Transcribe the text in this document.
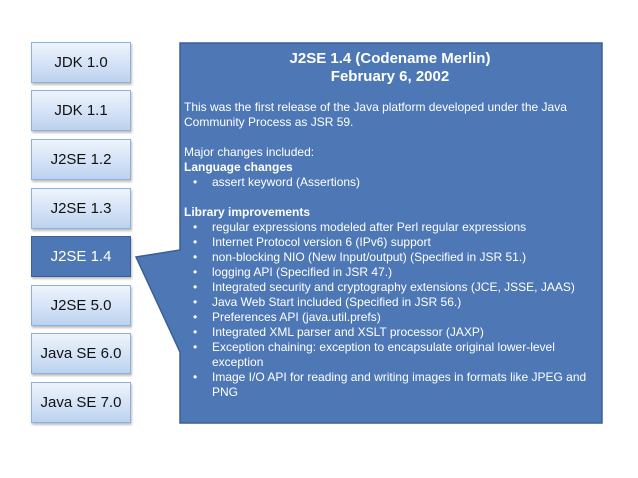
JDK 1.0
JDK 1.1
J2SE 1.2
J2SE 1.3
J2SE 1.4
J2SE 5.0
Java SE 6.0
Java SE 7.0
J2SE 1.4 (Codename Merlin)
February 6, 2002
This was the first release of the Java platform developed under the Java Community Process as JSR 59.
Major changes included:
Language changes
• assert keyword (Assertions)
Library improvements
• regular expressions modeled after Perl regular expressions
• Internet Protocol version 6 (IPv6) support
• non-blocking NIO (New Input/output) (Specified in JSR 51.)
• logging API (Specified in JSR 47.)
• Integrated security and cryptography extensions (JCE, JSSE, JAAS)
• Java Web Start included (Specified in JSR 56.)
• Preferences API (java.util.prefs)
• Integrated XML parser and XSLT processor (JAXP)
• Exception chaining: exception to encapsulate original lower-level exception
• Image I/O API for reading and writing images in formats like JPEG and PNG
